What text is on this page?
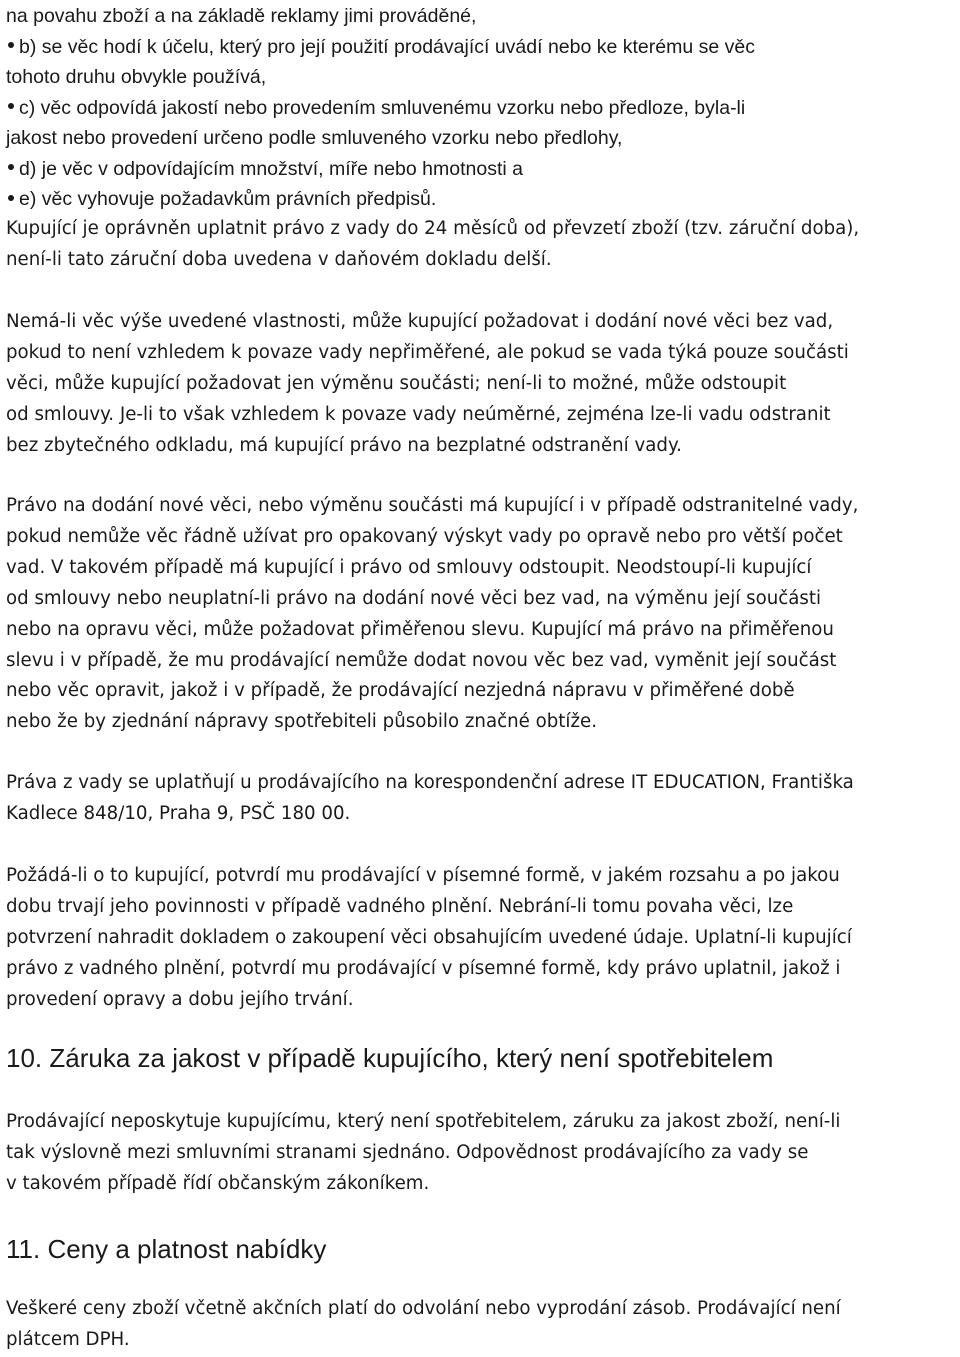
na povahu zboží a na základě reklamy jimi prováděné,
b) se věc hodí k účelu, který pro její použití prodávající uvádí nebo ke kterému se věc
tohoto druhu obvykle používá,
c) věc odpovídá jakostí nebo provedením smluvenému vzorku nebo předloze, byla-li
jakost nebo provedení určeno podle smluveného vzorku nebo předlohy,
d) je věc v odpovídajícím množství, míře nebo hmotnosti a
e) věc vyhovuje požadavkům právních předpisů.
Kupující je oprávněn uplatnit právo z vady do 24 měsíců od převzetí zboží (tzv. záruční doba),
není-li tato záruční doba uvedena v daňovém dokladu delší.
Nemá-li věc výše uvedené vlastnosti, může kupující požadovat i dodání nové věci bez vad,
pokud to není vzhledem k povaze vady nepřiměřené, ale pokud se vada týká pouze součásti
věci, může kupující požadovat jen výměnu součásti; není-li to možné, může odstoupit
od smlouvy. Je-li to však vzhledem k povaze vady neúměrné, zejména lze-li vadu odstranit
bez zbytečného odkladu, má kupující právo na bezplatné odstranění vady.
Právo na dodání nové věci, nebo výměnu součásti má kupující i v případě odstranitelné vady,
pokud nemůže věc řádně užívat pro opakovaný výskyt vady po opravě nebo pro větší počet
vad. V takovém případě má kupující i právo od smlouvy odstoupit. Neodstoupí-li kupující
od smlouvy nebo neuplatní-li právo na dodání nové věci bez vad, na výměnu její součásti
nebo na opravu věci, může požadovat přiměřenou slevu. Kupující má právo na přiměřenou
slevu i v případě, že mu prodávající nemůže dodat novou věc bez vad, vyměnit její součást
nebo věc opravit, jakož i v případě, že prodávající nezjedná nápravu v přiměřené době
nebo že by zjednání nápravy spotřebiteli působilo značné obtíže.
Práva z vady se uplatňují u prodávajícího na korespondenční adrese IT EDUCATION, Františka
Kadlece 848/10, Praha 9, PSČ 180 00.
Požádá-li o to kupující, potvrdí mu prodávající v písemné formě, v jakém rozsahu a po jakou
dobu trvají jeho povinnosti v případě vadného plnění. Nebrání-li tomu povaha věci, lze
potvrzení nahradit dokladem o zakoupení věci obsahujícím uvedené údaje. Uplatní-li kupující
právo z vadného plnění, potvrdí mu prodávající v písemné formě, kdy právo uplatnil, jakož i
provedení opravy a dobu jejího trvání.
10. Záruka za jakost v případě kupujícího, který není spotřebitelem
Prodávající neposkytuje kupujícímu, který není spotřebitelem, záruku za jakost zboží, není-li
tak výslovně mezi smluvními stranami sjednáno. Odpovědnost prodávajícího za vady se
v takovém případě řídí občanským zákoníkem.
11. Ceny a platnost nabídky
Veškeré ceny zboží včetně akčních platí do odvolání nebo vyprodání zásob. Prodávající není
plátcem DPH.
